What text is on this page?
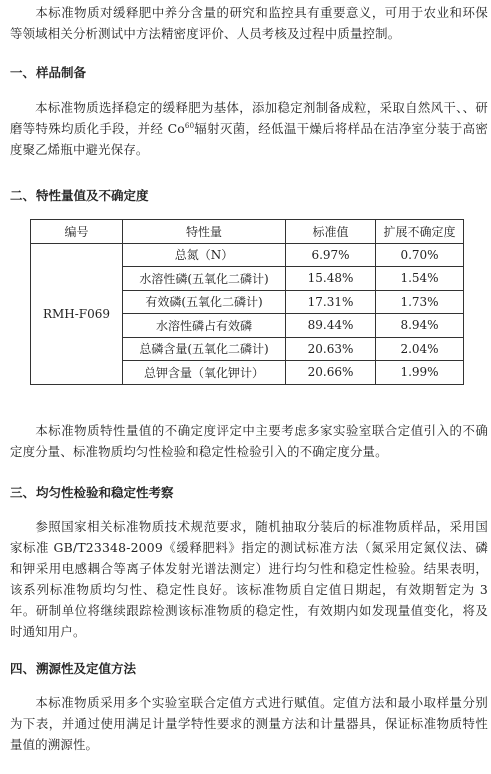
本标准物质对缓释肥中养分含量的研究和监控具有重要意义，可用于农业和环保等领域相关分析测试中方法精密度评价、人员考核及过程中质量控制。

一、样品制备

本标准物质选择稳定的缓释肥为基体，添加稳定剂制备成粒，采取自然风干、、研磨等特殊均质化手段，并经 Co$^{60}$辐射灭菌，经低温干燥后将样品在洁净室分装于高密度聚乙烯瓶中避光保存。

二、特性量值及不确定度
编号	特性量	标准值	扩展不确定度
RMH-F069	总氮（N）	6.97%	0.70%
	水溶性磷(五氧化二磷计)	15.48%	1.54%
	有效磷(五氧化二磷计)	17.31%	1.73%
	水溶性磷占有效磷	89.44%	8.94%
	总磷含量(五氧化二磷计)	20.63%	2.04%
	总钾含量（氧化钾计）	20.66%	1.99%

本标准物质特性量值的不确定度评定中主要考虑多家实验室联合定值引入的不确定度分量、标准物质均匀性检验和稳定性检验引入的不确定度分量。

三、均匀性检验和稳定性考察

参照国家相关标准物质技术规范要求，随机抽取分装后的标准物质样品，采用国家标准 GB/T23348-2009《缓释肥料》指定的测试标准方法（氮采用定氮仪法、磷和钾采用电感耦合等离子体发射光谱法测定）进行均匀性和稳定性检验。结果表明，该系列标准物质均匀性、稳定性良好。该标准物质自定值日期起，有效期暂定为 3 年。研制单位将继续跟踪检测该标准物质的稳定性，有效期内如发现量值变化，将及时通知用户。

四、溯源性及定值方法

本标准物质采用多个实验室联合定值方式进行赋值。定值方法和最小取样量分别为下表，并通过使用满足计量学特性要求的测量方法和计量器具，保证标准物质特性量值的溯源性。
